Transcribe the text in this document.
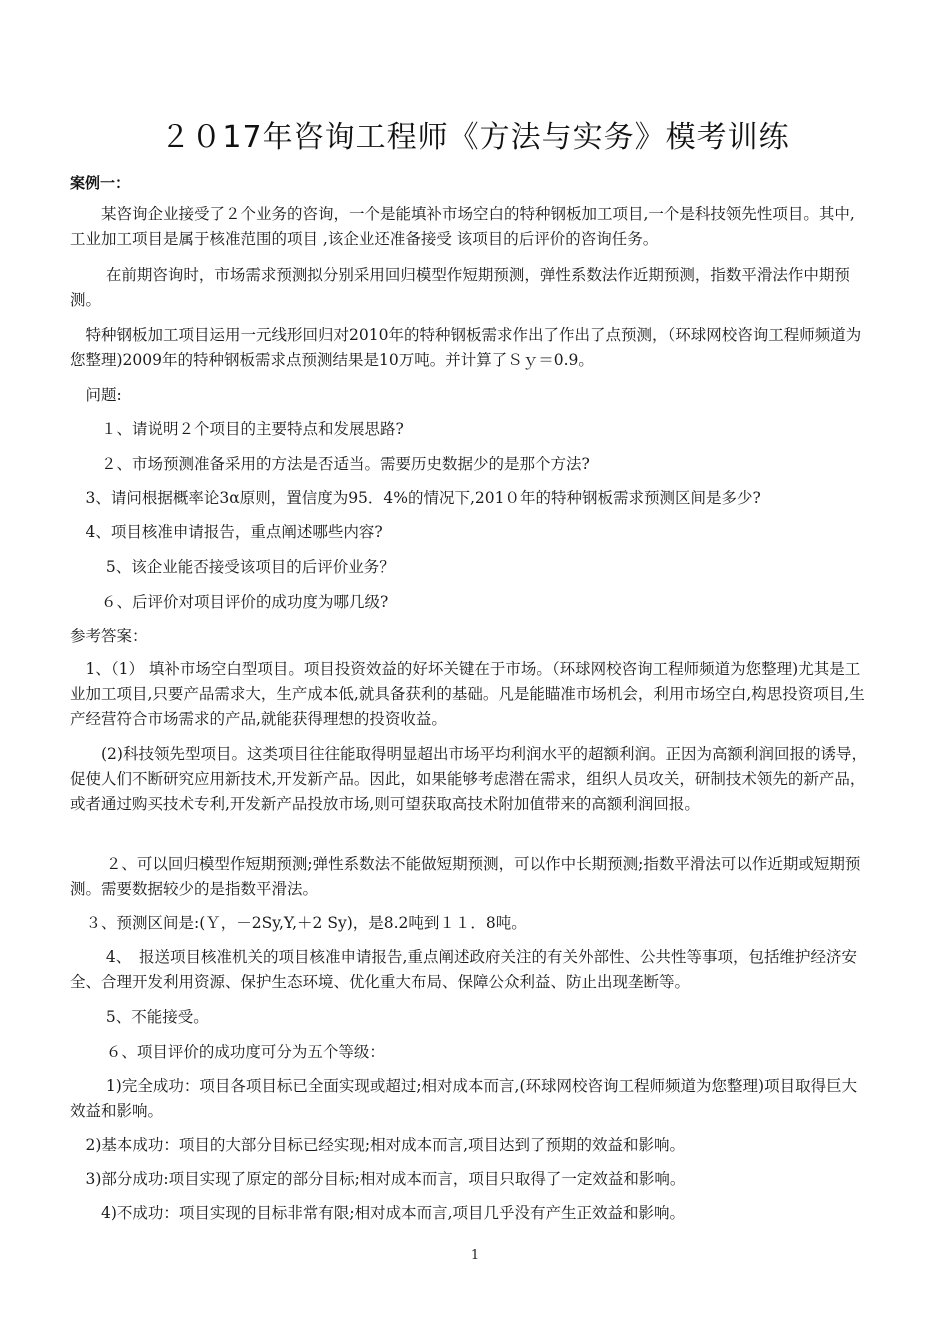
２０17年咨询工程师《方法与实务》模考训练
案例一：

　　某咨询企业接受了２个业务的咨询，一个是能填补市场空白的特种钢板加工项目,一个是科技领先性项目。其中,工业加工项目是属于核准范围的项目 ,该企业还准备接受 该项目的后评价的咨询任务。

　　 在前期咨询时，市场需求预测拟分别采用回归模型作短期预测，弹性系数法作近期预测，指数平滑法作中期预测。

　特种钢板加工项目运用一元线形回归对2010年的特种钢板需求作出了作出了点预测，（环球网校咨询工程师频道为您整理)2009年的特种钢板需求点预测结果是10万吨。并计算了Ｓｙ＝0.9。

　问题:

　　１、请说明２个项目的主要特点和发展思路?

　　２、市场预测准备采用的方法是否适当。需要历史数据少的是那个方法?

　3、请问根据概率论3α原则，置信度为95．4%的情况下,201０年的特种钢板需求预测区间是多少?

　4、项目核准申请报告，重点阐述哪些内容?

　　 5、该企业能否接受该项目的后评价业务？

　　６、后评价对项目评价的成功度为哪几级?

参考答案：

　1、（1） 填补市场空白型项目。项目投资效益的好坏关键在于市场。（环球网校咨询工程师频道为您整理)尤其是工业加工项目,只要产品需求大，生产成本低,就具备获利的基础。凡是能瞄准市场机会，利用市场空白,构思投资项目,生产经营符合市场需求的产品,就能获得理想的投资收益。

　　(2)科技领先型项目。这类项目往往能取得明显超出市场平均利润水平的超额利润。正因为高额利润回报的诱导，促使人们不断研究应用新技术,开发新产品。因此，如果能够考虑潜在需求，组织人员攻关，研制技术领先的新产品，或者通过购买技术专利,开发新产品投放市场,则可望获取高技术附加值带来的高额利润回报。

　　 ２、可以回归模型作短期预测;弹性系数法不能做短期预测，可以作中长期预测;指数平滑法可以作近期或短期预测。需要数据较少的是指数平滑法。

　３、预测区间是:(Ｙ，－2Sy,Y,＋2 Sy)，是8.2吨到１１．8吨。

　　 4、　报送项目核准机关的项目核准申请报告,重点阐述政府关注的有关外部性、公共性等事项，包括维护经济安全、合理开发利用资源、保护生态环境、优化重大布局、保障公众利益、防止出现垄断等。

　　 5、不能接受。

　　 ６、项目评价的成功度可分为五个等级：

　　 1)完全成功：项目各项目标已全面实现或超过;相对成本而言,(环球网校咨询工程师频道为您整理)项目取得巨大效益和影响。

　2)基本成功：项目的大部分目标已经实现;相对成本而言,项目达到了预期的效益和影响。

　3)部分成功:项目实现了原定的部分目标;相对成本而言，项目只取得了一定效益和影响。

　　4)不成功：项目实现的目标非常有限;相对成本而言,项目几乎没有产生正效益和影响。

1
